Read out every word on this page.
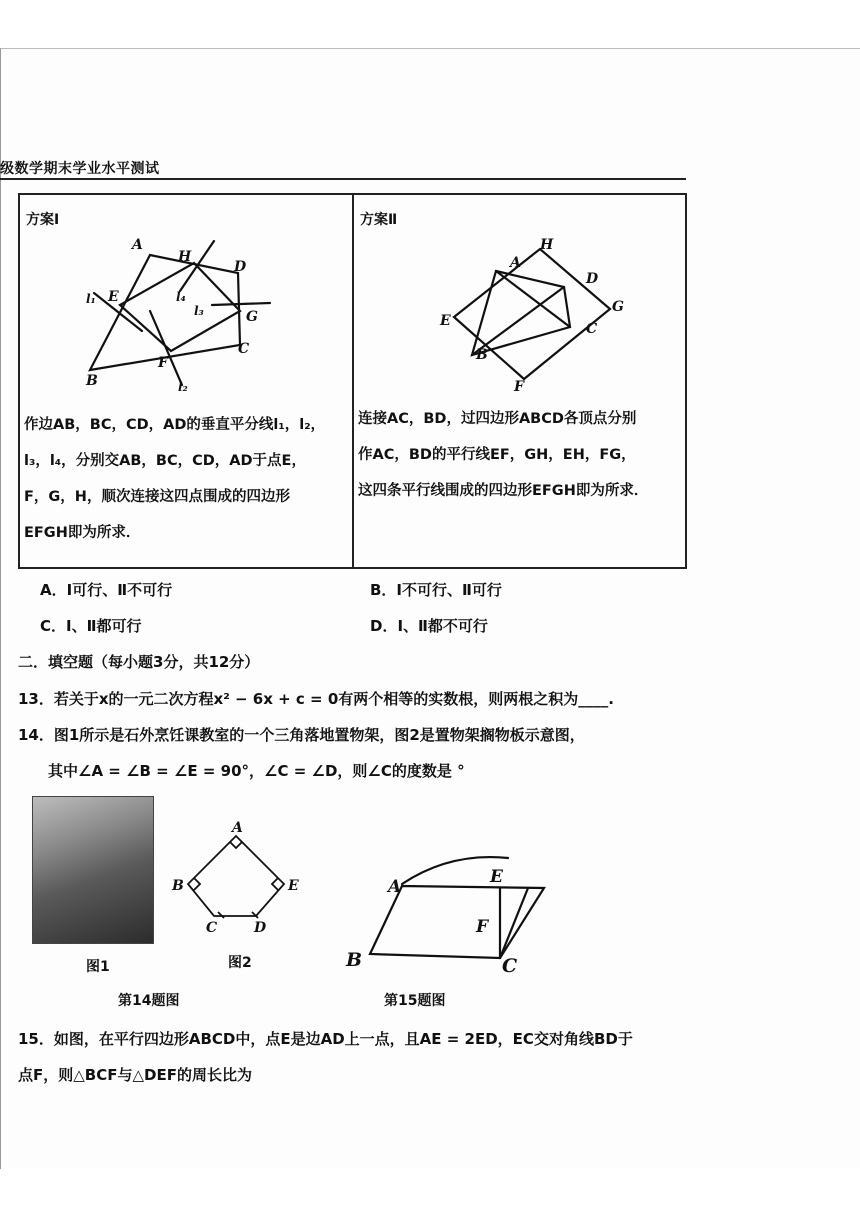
级数学期末学业水平测试
方案Ⅰ	方案Ⅱ
A
H
D
E
G
F
B
C
l₁	l₄
l₃
l₂
作边AB，BC，CD，AD的垂直平分线l₁，l₂，
l₃，l₄，分别交AB，BC，CD，AD于点E，
F，G，H，顺次连接这四点围成的四边形
EFGH即为所求．
H
A
D
G
E	C
B
F
连接AC，BD，过四边形ABCD各顶点分别
作AC，BD的平行线EF，GH，EH，FG，
这四条平行线围成的四边形EFGH即为所求．
A．Ⅰ可行、Ⅱ不可行	B．Ⅰ不可行、Ⅱ可行
C．Ⅰ、Ⅱ都可行	D．Ⅰ、Ⅱ都不可行
二．填空题（每小题3分，共12分）
13．若关于x的一元二次方程x² − 6x + c = 0有两个相等的实数根，则两根之积为____.
14．图1所示是石外烹饪课教室的一个三角落地置物架，图2是置物架搁物板示意图，
其中∠A = ∠B = ∠E = 90°，∠C = ∠D，则∠C的度数是 °
图1
A
B	E
C	D
图2
A	E
F
B	C
第14题图	第15题图
15．如图，在平行四边形ABCD中，点E是边AD上一点，且AE = 2ED，EC交对角线BD于
点F，则△BCF与△DEF的周长比为
